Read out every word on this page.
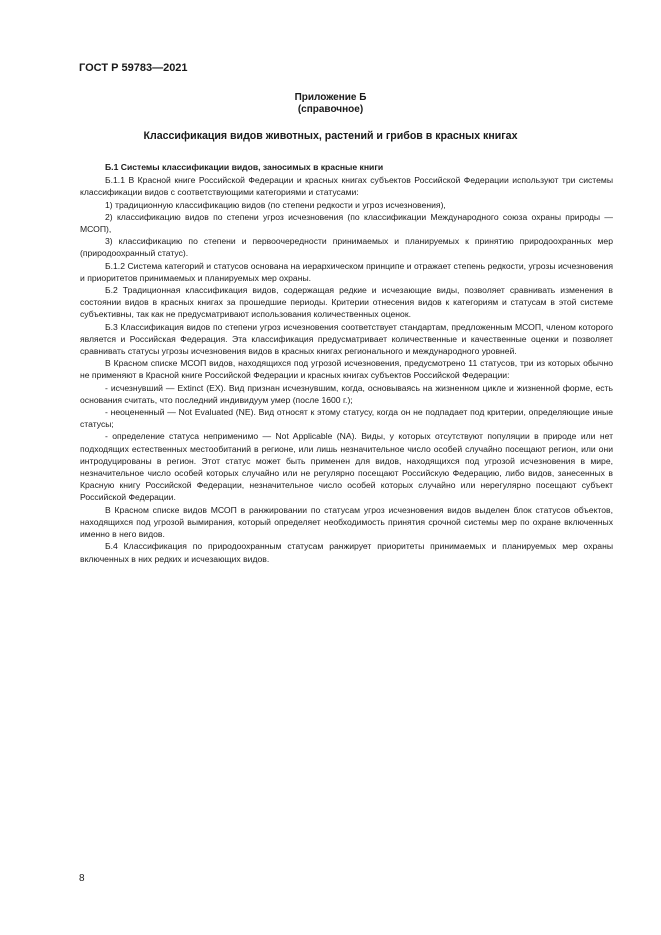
ГОСТ Р 59783—2021
Приложение Б
(справочное)
Классификация видов животных, растений и грибов в красных книгах

Б.1 Системы классификации видов, заносимых в красные книги

Б.1.1 В Красной книге Российской Федерации и красных книгах субъектов Российской Федерации используют три системы классификации видов с соответствующими категориями и статусами:

1) традиционную классификацию видов (по степени редкости и угроз исчезновения),

2) классификацию видов по степени угроз исчезновения (по классификации Международного союза охраны природы — МСОП),

3) классификацию по степени и первоочередности принимаемых и планируемых к принятию природоохранных мер (природоохранный статус).

Б.1.2 Система категорий и статусов основана на иерархическом принципе и отражает степень редкости, угрозы исчезновения и приоритетов принимаемых и планируемых мер охраны.

Б.2 Традиционная классификация видов, содержащая редкие и исчезающие виды, позволяет сравнивать изменения в состоянии видов в красных книгах за прошедшие периоды. Критерии отнесения видов к категориям и статусам в этой системе субъективны, так как не предусматривают использования количественных оценок.

Б.3 Классификация видов по степени угроз исчезновения соответствует стандартам, предложенным МСОП, членом которого является и Российская Федерация. Эта классификация предусматривает количественные и качественные оценки и позволяет сравнивать статусы угрозы исчезновения видов в красных книгах регионального и международного уровней.

В Красном списке МСОП видов, находящихся под угрозой исчезновения, предусмотрено 11 статусов, три из которых обычно не применяют в Красной книге Российской Федерации и красных книгах субъектов Российской Федерации:

- исчезнувший — Extinct (EX). Вид признан исчезнувшим, когда, основываясь на жизненном цикле и жизненной форме, есть основания считать, что последний индивидуум умер (после 1600 г.);

- неоцененный — Not Evaluated (NE). Вид относят к этому статусу, когда он не подпадает под критерии, определяющие иные статусы;

- определение статуса неприменимо — Not Applicable (NA). Виды, у которых отсутствуют популяции в природе или нет подходящих естественных местообитаний в регионе, или лишь незначительное число особей случайно посещают регион, или они интродуцированы в регион. Этот статус может быть применен для видов, находящихся под угрозой исчезновения в мире, незначительное число особей которых случайно или не регулярно посещают Российскую Федерацию, либо видов, занесенных в Красную книгу Российской Федерации, незначительное число особей которых случайно или нерегулярно посещают субъект Российской Федерации.

В Красном списке видов МСОП в ранжировании по статусам угроз исчезновения видов выделен блок статусов объектов, находящихся под угрозой вымирания, который определяет необходимость принятия срочной системы мер по охране включенных именно в него видов.

Б.4 Классификация по природоохранным статусам ранжирует приоритеты принимаемых и планируемых мер охраны включенных в них редких и исчезающих видов.

8
